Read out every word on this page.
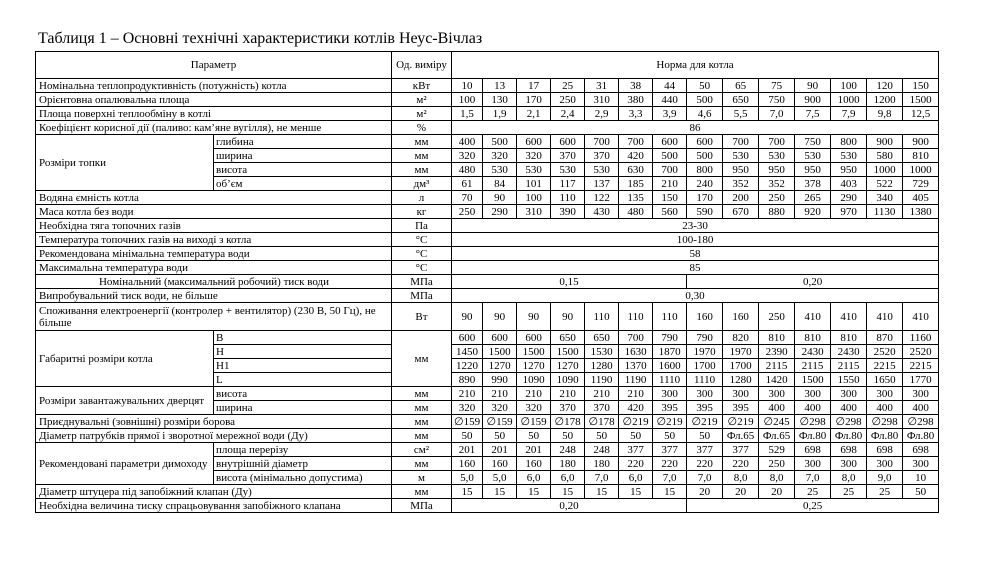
Таблиця 1 – Основні технічні характеристики котлів Неус-Вічлаз
Параметр		Од. виміру	Норма для котла													
Номінальна теплопродуктивність (потужність) котла		кВт	10	13	17	25	31	38	44	50	65	75	90	100	120	150
Орієнтовна опалювальна площа		м²	100	130	170	250	310	380	440	500	650	750	900	1000	1200	1500
Площа поверхні теплообміну в котлі		м²	1,5	1,9	2,1	2,4	2,9	3,3	3,9	4,6	5,5	7,0	7,5	7,9	9,8	12,5
Коефіцієнт корисної дії (паливо: кам’яне вугілля), не менше		%	86													
Розміри топки	глибина	мм	400	500	600	600	700	700	600	600	700	700	750	800	900	900
	ширина	мм	320	320	320	370	370	420	500	500	530	530	530	530	580	810
	висота	мм	480	530	530	530	530	630	700	800	950	950	950	950	1000	1000
	об’єм	дм³	61	84	101	117	137	185	210	240	352	352	378	403	522	729
Водяна ємність котла		л	70	90	100	110	122	135	150	170	200	250	265	290	340	405
Маса котла без води		кг	250	290	310	390	430	480	560	590	670	880	920	970	1130	1380
Необхідна тяга топочних газів		Па	23-30													
Температура топочних газів на виході з котла		°С	100-180													
Рекомендована мінімальна температура води		°С	58													
Максимальна температура води		°С	85													
Номінальний (максимальний робочий) тиск води		МПа	0,15							0,20						
Випробувальний тиск води, не більше		МПа	0,30													
Споживання електроенергії (контролер + вентилятор) (230 В, 50 Гц), не більше		Вт	90	90	90	90	110	110	110	160	160	250	410	410	410	410
Габаритні розміри котла	B	мм	600	600	600	650	650	700	790	790	820	810	810	810	870	1160
	H		1450	1500	1500	1500	1530	1630	1870	1970	1970	2390	2430	2430	2520	2520
	H1		1220	1270	1270	1270	1280	1370	1600	1700	1700	2115	2115	2115	2215	2215
	L		890	990	1090	1090	1190	1190	1110	1110	1280	1420	1500	1550	1650	1770
Розміри завантажувальних дверцят	висота	мм	210	210	210	210	210	210	300	300	300	300	300	300	300	300
	ширина	мм	320	320	320	370	370	420	395	395	395	400	400	400	400	400
Приєднувальні (зовнішні) розміри борова		мм	∅159	∅159	∅159	∅178	∅178	∅219	∅219	∅219	∅219	∅245	∅298	∅298	∅298	∅298
Діаметр патрубків прямої і зворотної мережної води (Ду)		мм	50	50	50	50	50	50	50	50	Фл.65	Фл.65	Фл.80	Фл.80	Фл.80	Фл.80
Рекомендовані параметри димоходу	площа перерізу	см²	201	201	201	248	248	377	377	377	377	529	698	698	698	698
	внутрішній діаметр	мм	160	160	160	180	180	220	220	220	220	250	300	300	300	300
	висота (мінімально допустима)	м	5,0	5,0	6,0	6,0	7,0	6,0	7,0	7,0	8,0	8,0	7,0	8,0	9,0	10
Діаметр штуцера під запобіжний клапан (Ду)		мм	15	15	15	15	15	15	15	20	20	20	25	25	25	50
Необхідна величина тиску спрацьовування запобіжного клапана		МПа	0,20							0,25						
